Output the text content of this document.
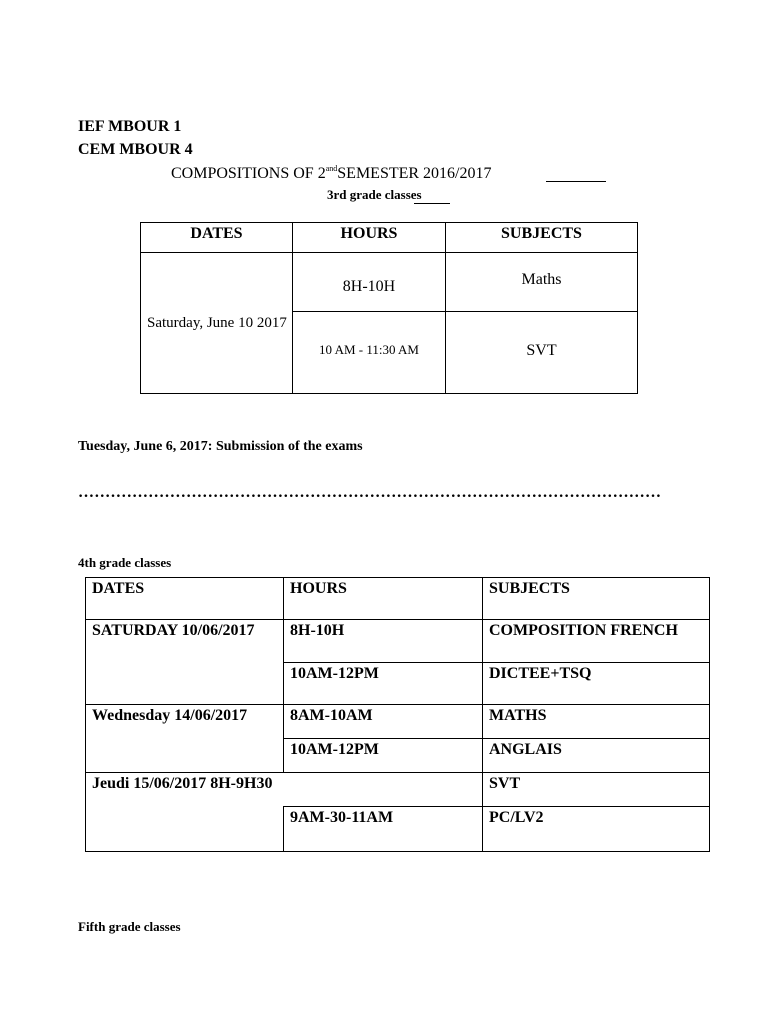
IEF MBOUR 1
CEM MBOUR 4
COMPOSITIONS OF $2^{and}SEMESTER$ 2016/2017
3rd grade classes
DATES	HOURS	SUBJECTS
Saturday, June 10 2017	8H-10H	Maths
	10 AM - 11:30 AM	SVT
Tuesday, June 6, 2017: Submission of the exams
………………………………………………………………………………………………
4th grade classes
DATES	HOURS	SUBJECTS
SATURDAY 10/06/2017	8H-10H	COMPOSITION FRENCH
	10AM-12PM	DICTEE+TSQ
Wednesday 14/06/2017	8AM-10AM	MATHS
	10AM-12PM	ANGLAIS
Jeudi 15/06/2017 8H-9H30		SVT
	9AM-30-11AM	PC/LV2
Fifth grade classes
